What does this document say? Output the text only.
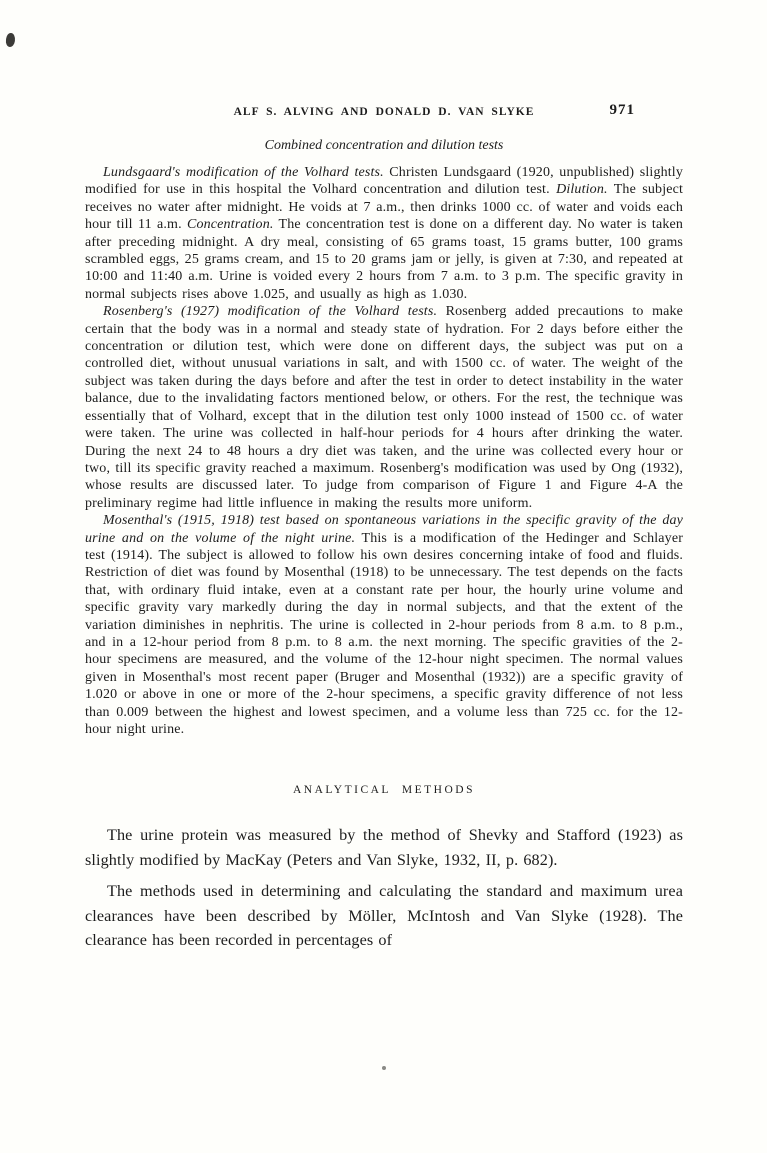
ALF S. ALVING AND DONALD D. VAN SLYKE	971
Combined concentration and dilution tests

Lundsgaard's modification of the Volhard tests. Christen Lundsgaard (1920, unpublished) slightly modified for use in this hospital the Volhard concentration and dilution test. Dilution. The subject receives no water after midnight. He voids at 7 a.m., then drinks 1000 cc. of water and voids each hour till 11 a.m. Concentration. The concentration test is done on a different day. No water is taken after preceding midnight. A dry meal, consisting of 65 grams toast, 15 grams butter, 100 grams scrambled eggs, 25 grams cream, and 15 to 20 grams jam or jelly, is given at 7:30, and repeated at 10:00 and 11:40 a.m. Urine is voided every 2 hours from 7 a.m. to 3 p.m. The specific gravity in normal subjects rises above 1.025, and usually as high as 1.030.

Rosenberg's (1927) modification of the Volhard tests. Rosenberg added precautions to make certain that the body was in a normal and steady state of hydration. For 2 days before either the concentration or dilution test, which were done on different days, the subject was put on a controlled diet, without unusual variations in salt, and with 1500 cc. of water. The weight of the subject was taken during the days before and after the test in order to detect instability in the water balance, due to the invalidating factors mentioned below, or others. For the rest, the technique was essentially that of Volhard, except that in the dilution test only 1000 instead of 1500 cc. of water were taken. The urine was collected in half-hour periods for 4 hours after drinking the water. During the next 24 to 48 hours a dry diet was taken, and the urine was collected every hour or two, till its specific gravity reached a maximum. Rosenberg's modification was used by Ong (1932), whose results are discussed later. To judge from comparison of Figure 1 and Figure 4-A the preliminary regime had little influence in making the results more uniform.

Mosenthal's (1915, 1918) test based on spontaneous variations in the specific gravity of the day urine and on the volume of the night urine. This is a modification of the Hedinger and Schlayer test (1914). The subject is allowed to follow his own desires concerning intake of food and fluids. Restriction of diet was found by Mosenthal (1918) to be unnecessary. The test depends on the facts that, with ordinary fluid intake, even at a constant rate per hour, the hourly urine volume and specific gravity vary markedly during the day in normal subjects, and that the extent of the variation diminishes in nephritis. The urine is collected in 2-hour periods from 8 a.m. to 8 p.m., and in a 12-hour period from 8 p.m. to 8 a.m. the next morning. The specific gravities of the 2-hour specimens are measured, and the volume of the 12-hour night specimen. The normal values given in Mosenthal's most recent paper (Bruger and Mosenthal (1932)) are a specific gravity of 1.020 or above in one or more of the 2-hour specimens, a specific gravity difference of not less than 0.009 between the highest and lowest specimen, and a volume less than 725 cc. for the 12-hour night urine.

ANALYTICAL METHODS

The urine protein was measured by the method of Shevky and Stafford (1923) as slightly modified by MacKay (Peters and Van Slyke, 1932, II, p. 682).

The methods used in determining and calculating the standard and maximum urea clearances have been described by Möller, McIntosh and Van Slyke (1928). The clearance has been recorded in percentages of
